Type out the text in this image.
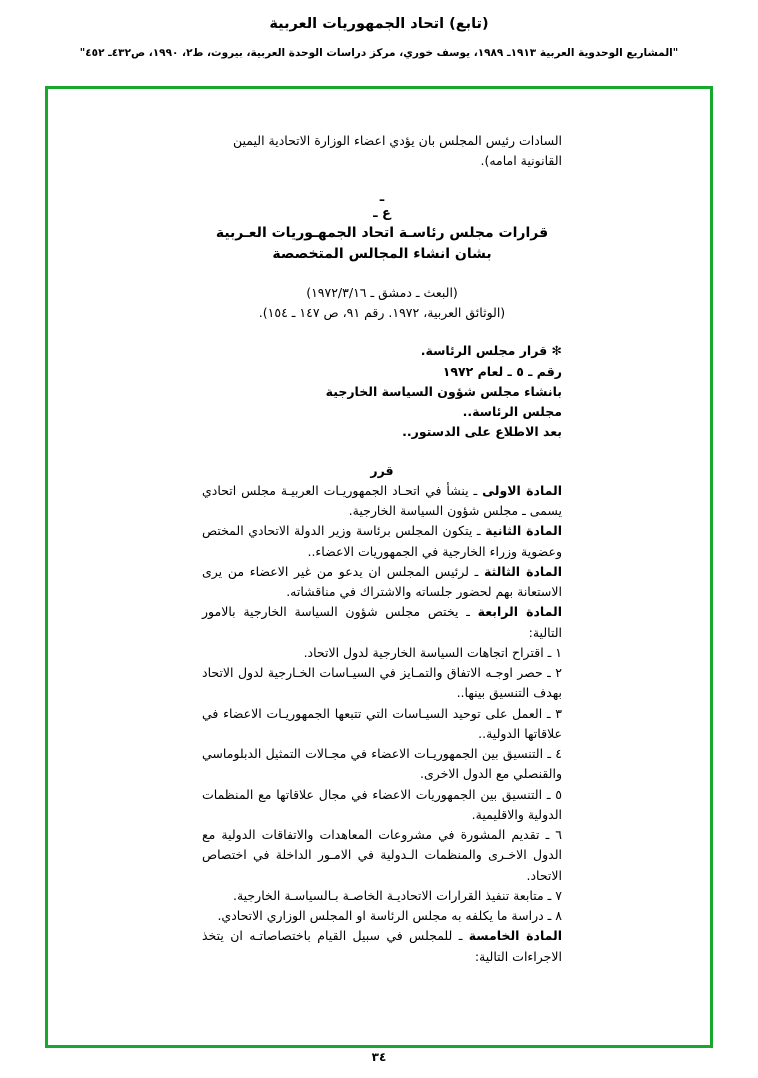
(تابع) اتحاد الجمهوريات العربية
"المشاريع الوحدوية العربية ١٩١٣ـ ١٩٨٩، يوسف خوري، مركز دراسات الوحدة العربية، بيروت، ط٢، ١٩٩٠، ص٤٣٢ـ ٤٥٢"
السادات رئيس المجلس بان يؤدي اعضاء الوزارة الاتحادية اليمين القانونية امامه).
ـ
ع ـ
قرارات مجلس رئاسـة اتحاد الجمهـوريات العـربية
بشان انشاء المجالس المتخصصة
(البعث ـ دمشق ـ ١٩٧٢/٣/١٦)
(الوثائق العربية، ١٩٧٢. رقم ٩١، ص ١٤٧ ـ ١٥٤).
✻ قرار مجلس الرئاسة.
رقم ـ ٥ ـ لعام ١٩٧٢
بانشاء مجلس شؤون السياسة الخارجية
مجلس الرئاسة..
بعد الاطلاع على الدستور..
قرر
المادة الاولى ـ ينشأ في اتحـاد الجمهوريـات العربيـة مجلس اتحادي يسمى ـ مجلس شؤون السياسة الخارجية.
المادة الثانية ـ يتكون المجلس برئاسة وزير الدولة الاتحادي المختص وعضوية وزراء الخارجية في الجمهوريات الاعضاء..
المادة الثالثة ـ لرئيس المجلس ان يدعو من غير الاعضاء من يرى الاستعانة بهم لحضور جلساته والاشتراك في مناقشاته.
المادة الرابعة ـ يختص مجلس شؤون السياسة الخارجية بالامور التالية:
١ ـ اقتراح اتجاهات السياسة الخارجية لدول الاتحاد.
٢ ـ حصر اوجـه الاتفاق والتمـايز في السيـاسات الخـارجية لدول الاتحاد بهدف التنسيق بينها..
٣ ـ العمل على توحيد السيـاسات التي تتبعها الجمهوريـات الاعضاء في علاقاتها الدولية..
٤ ـ التنسيق بين الجمهوريـات الاعضاء في مجـالات التمثيل الدبلوماسي والقنصلي مع الدول الاخرى.
٥ ـ التنسيق بين الجمهوريات الاعضاء في مجال علاقاتها مع المنظمات الدولية والاقليمية.
٦ ـ تقديم المشورة في مشروعات المعاهدات والاتفاقات الدولية مع الدول الاخـرى والمنظمات الـدولية في الامـور الداخلة في اختصاص الاتحاد.
٧ ـ متابعة تنفيذ القرارات الاتحاديـة الخاصـة بـالسياسـة الخارجية.
٨ ـ دراسة ما يكلفه به مجلس الرئاسة او المجلس الوزاري الاتحادي.
المادة الخامسة ـ للمجلس في سبيل القيام باختصاصاتـه ان يتخذ الاجراءات التالية:
٣٤
